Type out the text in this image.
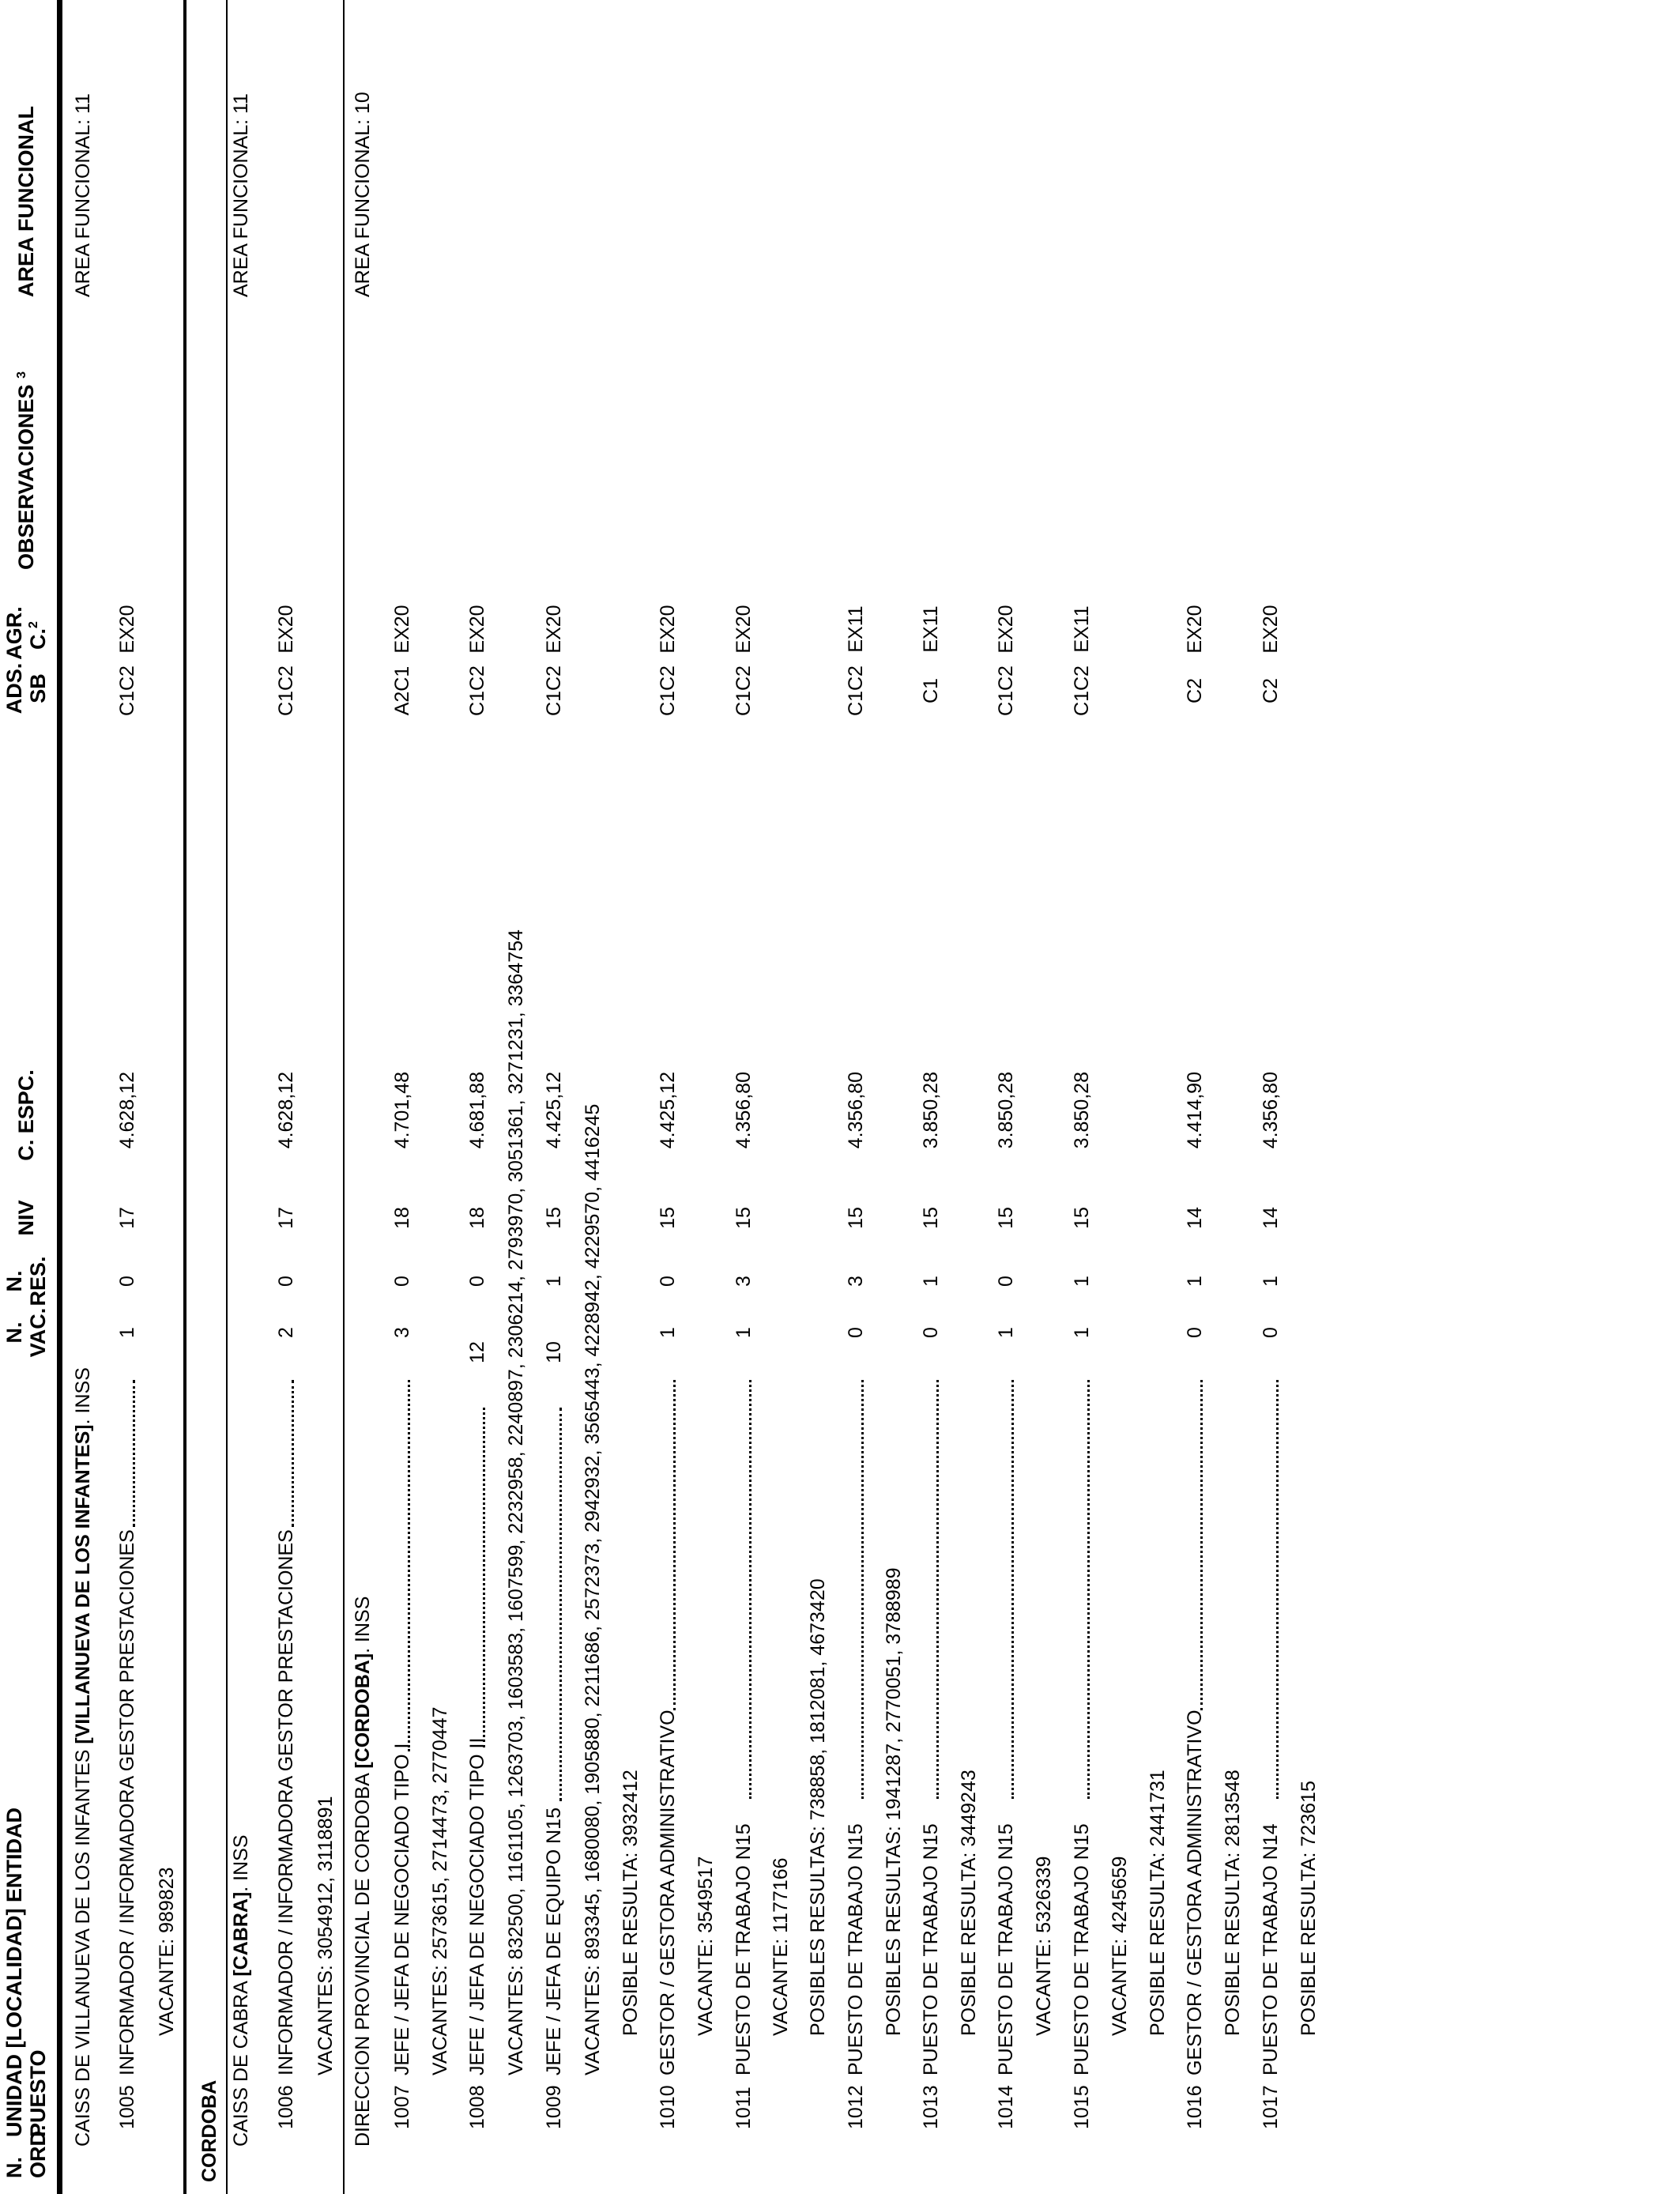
N. ORD.
UNIDAD [LOCALIDAD] ENTIDAD PUESTO
N. VAC.
N. RES.
NIV
C. ESPC.
ADS. SB
AGR. C.$^2$
OBSERVACIONES $^3$
AREA FUNCIONAL
CAISS DE VILLANUEVA DE LOS INFANTES [VILLANUEVA DE LOS INFANTES]. INSS
AREA FUNCIONAL: 11
1005
INFORMADOR / INFORMADORA GESTOR PRESTACIONES
1
0
17
4.628,12
C1C2
EX20
VACANTE: 989823
CORDOBA CAISS DE CABRA [CABRA]. INSS
AREA FUNCIONAL: 11
1006
INFORMADOR / INFORMADORA GESTOR PRESTACIONES
2
0
17
4.628,12
C1C2
EX20
VACANTES: 3054912, 3118891 DIRECCION PROVINCIAL DE CORDOBA [CORDOBA]. INSS
AREA FUNCIONAL: 10
1007
JEFE / JEFA DE NEGOCIADO TIPO I
3
0
18
4.701,48
A2C1
EX20
VACANTES: 2573615, 2714473, 2770447
1008
JEFE / JEFA DE NEGOCIADO TIPO II
12
0
18
4.681,88
C1C2
EX20
VACANTES: 832500, 1161105, 1263703, 1603583, 1607599, 2232958, 2240897, 2306214, 2793970, 3051361, 3271231, 3364754
1009
JEFE / JEFA DE EQUIPO N15
10
1
15
4.425,12
C1C2
EX20
VACANTES: 893345, 1680080, 1905880, 2211686, 2572373, 2942932, 3565443, 4228942, 4229570, 4416245 POSIBLE RESULTA: 3932412
1010
GESTOR / GESTORA ADMINISTRATIVO
1
0
15
4.425,12
C1C2
EX20
VACANTE: 3549517
1011
PUESTO DE TRABAJO N15
1
3
15
4.356,80
C1C2
EX20
VACANTE: 1177166 POSIBLES RESULTAS: 738858, 1812081, 4673420
1012
PUESTO DE TRABAJO N15
0
3
15
4.356,80
C1C2
EX11
POSIBLES RESULTAS: 1941287, 2770051, 3788989
1013
PUESTO DE TRABAJO N15
0
1
15
3.850,28
C1
EX11
POSIBLE RESULTA: 3449243
1014
PUESTO DE TRABAJO N15
1
0
15
3.850,28
C1C2
EX20
VACANTE: 5326339
1015
PUESTO DE TRABAJO N15
1
1
15
3.850,28
C1C2
EX11
VACANTE: 4245659 POSIBLE RESULTA: 2441731
1016
GESTOR / GESTORA ADMINISTRATIVO
0
1
14
4.414,90
C2
EX20
POSIBLE RESULTA: 2813548
1017
PUESTO DE TRABAJO N14
0
1
14
4.356,80
C2
EX20
POSIBLE RESULTA: 723615
